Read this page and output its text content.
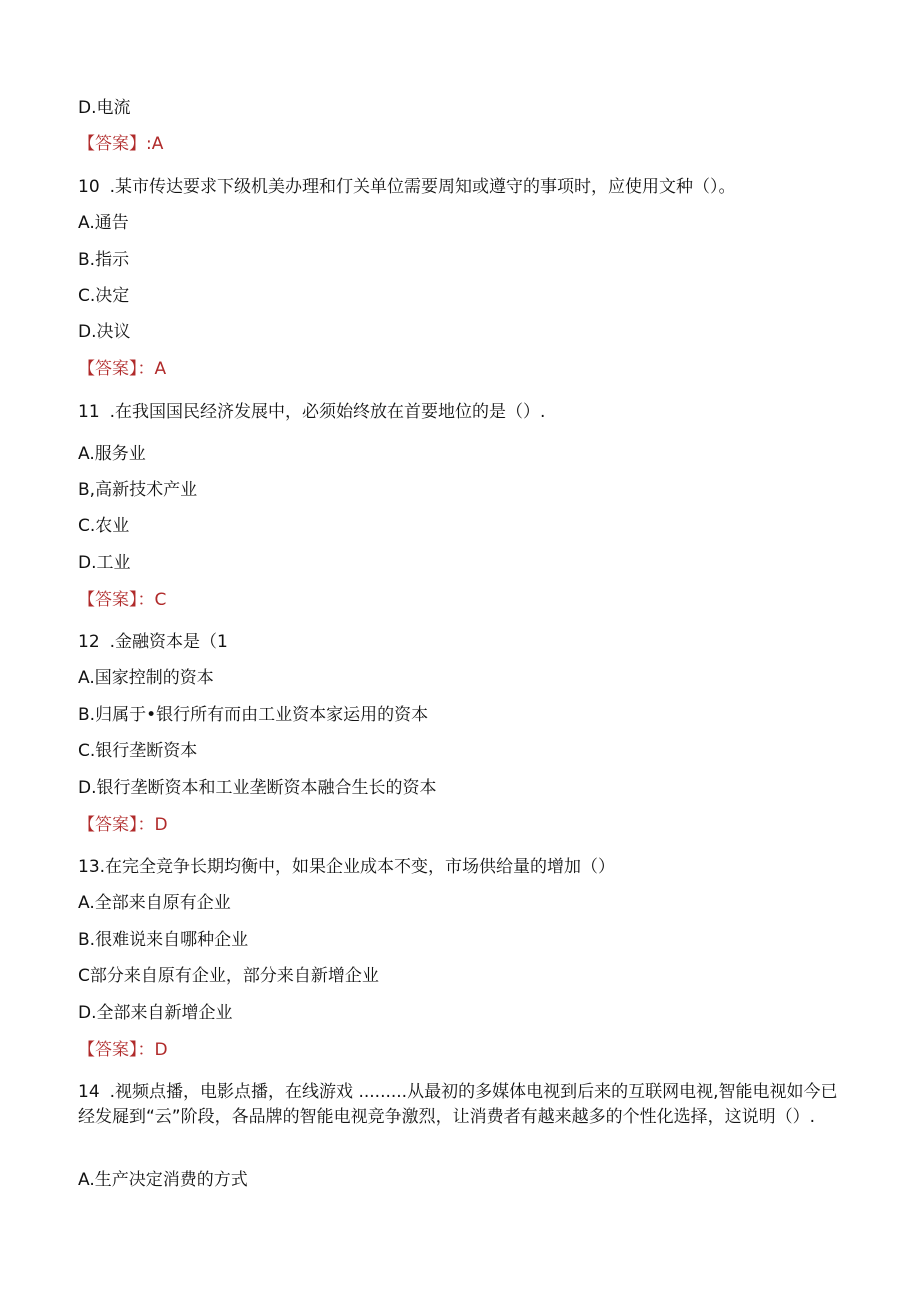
D.电流
【答案】:A
10 .某市传达要求下级机美办理和仃关单位需要周知或遵守的事项时，应使用文种（）。
A.通告
B.指示
C.决定
D.决议
【答案】：A
11 .在我国国民经济发展中，必须始终放在首要地位的是（）.
A.服务业
B,高新技术产业
C.农业
D.工业
【答案】：C
12 .金融资本是（1
A.国家控制的资本
B.归属于•银行所有而由工业资本家运用的资本
C.银行垄断资本
D.银行垄断资本和工业垄断资本融合生长的资本
【答案】：D
13.在完全竞争长期均衡中，如果企业成本不变，市场供给量的增加（）
A.全部来自原有企业
B.很难说来自哪种企业
C部分来自原有企业，部分来自新增企业
D.全部来自新增企业
【答案】：D
14 .视频点播，电影点播，在线游戏 .........从最初的多媒体电视到后来的互联网电视,智能电视如今已经发屣到“云”阶段，各品牌的智能电视竞争激烈，让消费者有越来越多的个性化选择，这说明（）.
A.生产决定消费的方式
